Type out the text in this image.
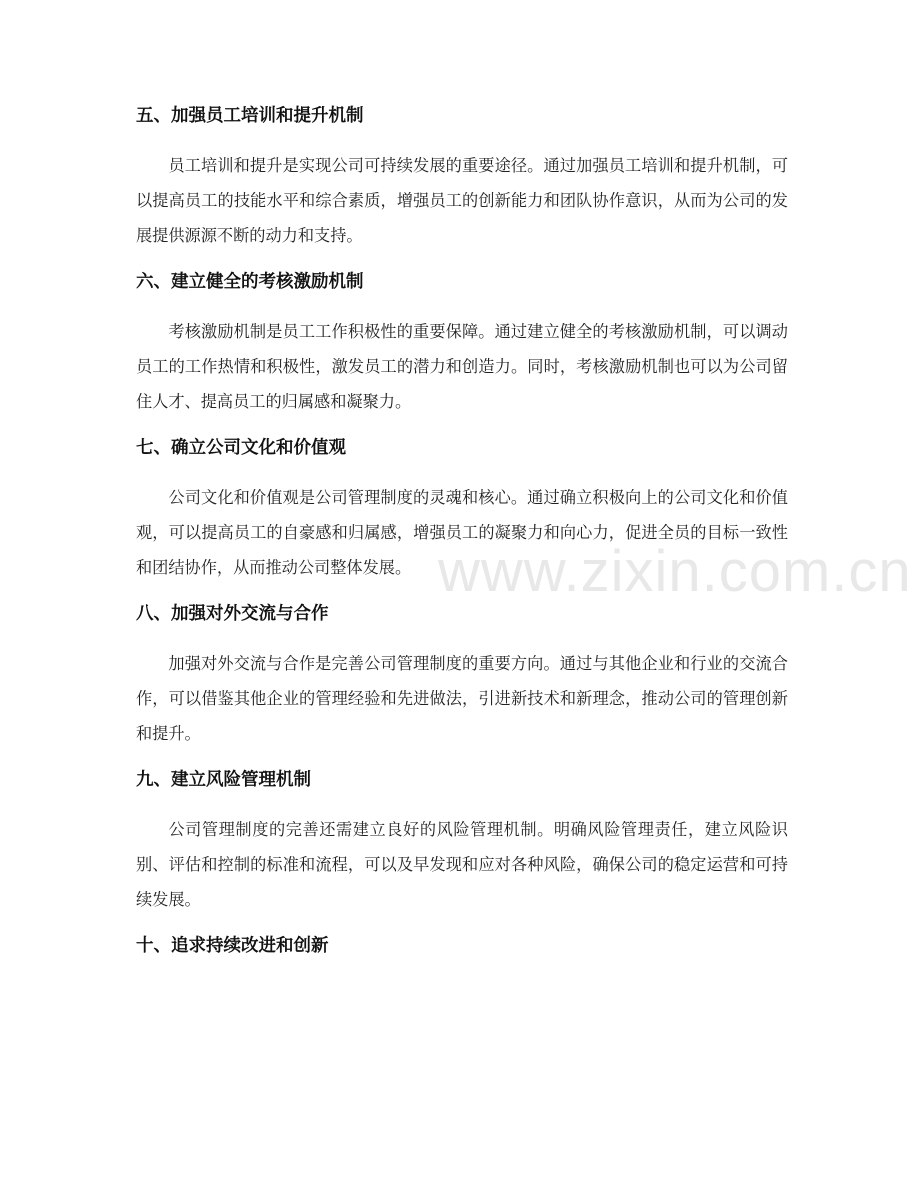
五、加强员工培训和提升机制

员工培训和提升是实现公司可持续发展的重要途径。通过加强员工培训和提升机制，可以提高员工的技能水平和综合素质，增强员工的创新能力和团队协作意识，从而为公司的发展提供源源不断的动力和支持。

六、建立健全的考核激励机制

考核激励机制是员工工作积极性的重要保障。通过建立健全的考核激励机制，可以调动员工的工作热情和积极性，激发员工的潜力和创造力。同时，考核激励机制也可以为公司留住人才、提高员工的归属感和凝聚力。

七、确立公司文化和价值观

公司文化和价值观是公司管理制度的灵魂和核心。通过确立积极向上的公司文化和价值观，可以提高员工的自豪感和归属感，增强员工的凝聚力和向心力，促进全员的目标一致性和团结协作，从而推动公司整体发展。

八、加强对外交流与合作

加强对外交流与合作是完善公司管理制度的重要方向。通过与其他企业和行业的交流合作，可以借鉴其他企业的管理经验和先进做法，引进新技术和新理念，推动公司的管理创新和提升。

九、建立风险管理机制

公司管理制度的完善还需建立良好的风险管理机制。明确风险管理责任，建立风险识别、评估和控制的标准和流程，可以及早发现和应对各种风险，确保公司的稳定运营和可持续发展。

十、追求持续改进和创新
www.zixin.com.cn
